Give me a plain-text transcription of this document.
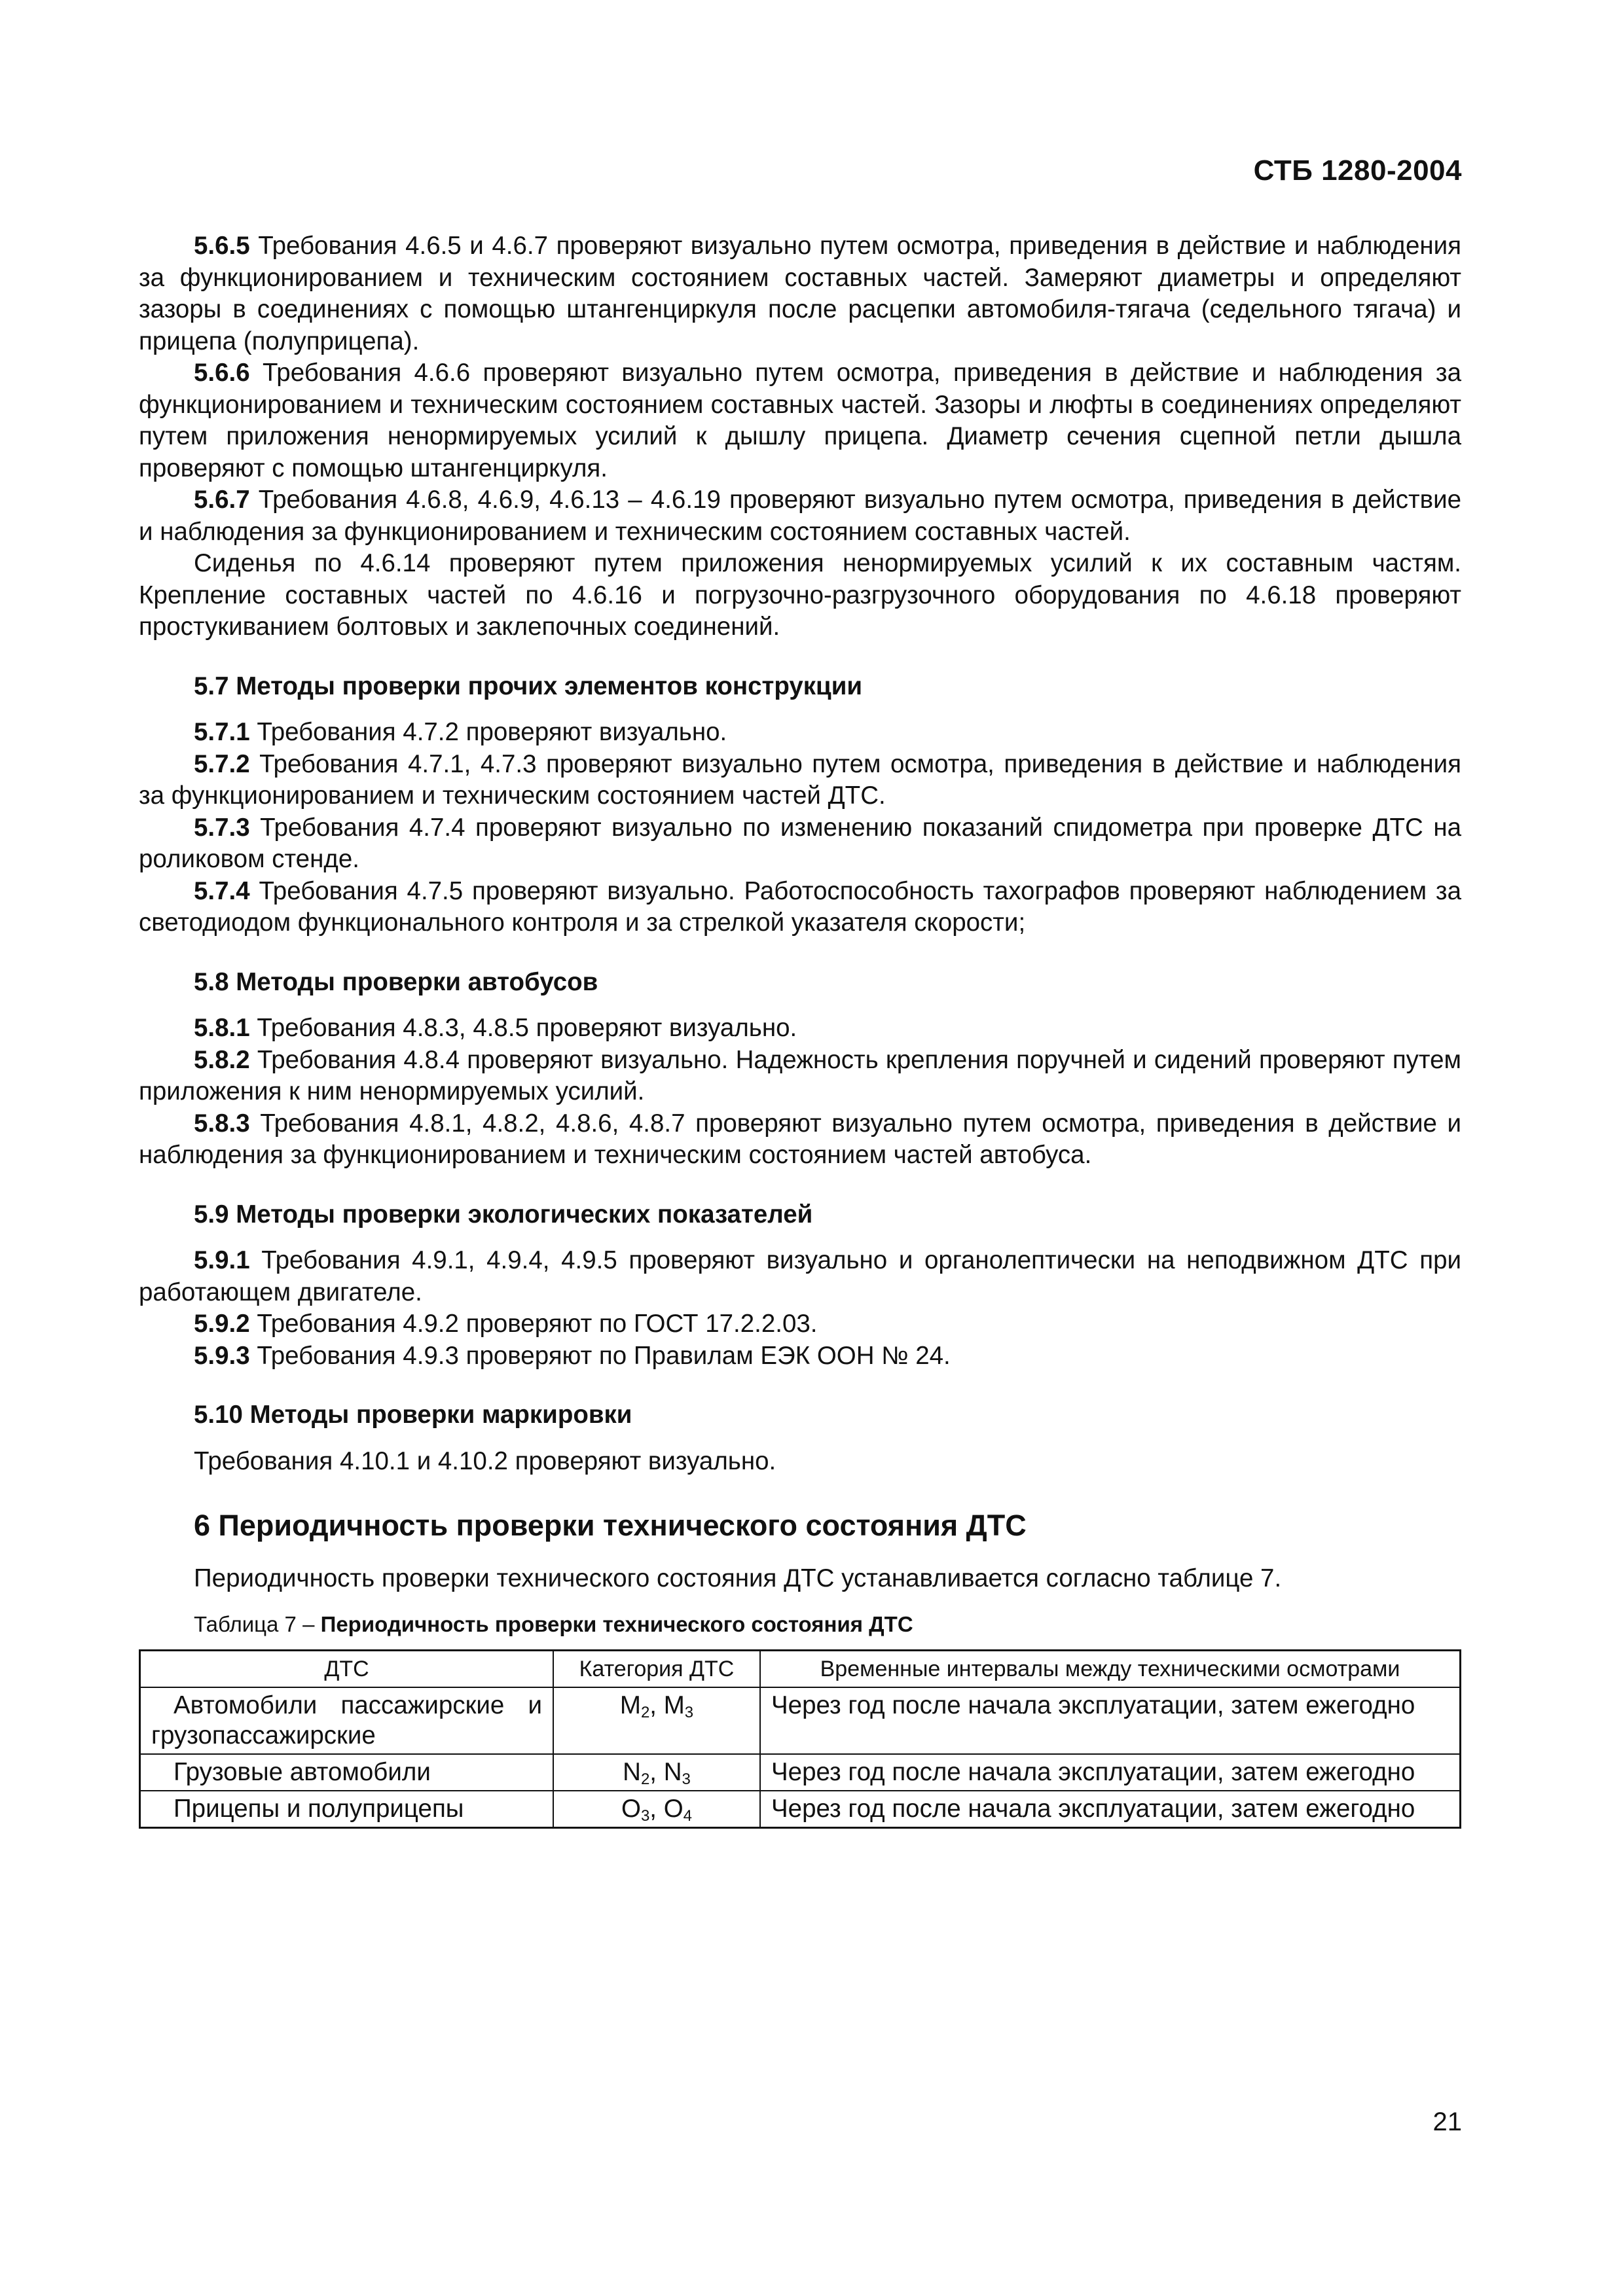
СТБ 1280-2004

5.6.5 Требования 4.6.5 и 4.6.7 проверяют визуально путем осмотра, приведения в действие и наблюдения за функционированием и техническим состоянием составных частей. Замеряют диаметры и определяют зазоры в соединениях с помощью штангенциркуля после расцепки автомобиля-тягача (седельного тягача) и прицепа (полуприцепа).

5.6.6 Требования 4.6.6 проверяют визуально путем осмотра, приведения в действие и наблюдения за функционированием и техническим состоянием составных частей. Зазоры и люфты в соединениях определяют путем приложения ненормируемых усилий к дышлу прицепа. Диаметр сечения сцепной петли дышла проверяют с помощью штангенциркуля.

5.6.7 Требования 4.6.8, 4.6.9, 4.6.13 – 4.6.19 проверяют визуально путем осмотра, приведения в действие и наблюдения за функционированием и техническим состоянием составных частей.

Сиденья по 4.6.14 проверяют путем приложения ненормируемых усилий к их составным частям. Крепление составных частей по 4.6.16 и погрузочно-разгрузочного оборудования по 4.6.18 проверяют простукиванием болтовых и заклепочных соединений.

5.7 Методы проверки прочих элементов конструкции

5.7.1 Требования 4.7.2 проверяют визуально.

5.7.2 Требования 4.7.1, 4.7.3 проверяют визуально путем осмотра, приведения в действие и наблюдения за функционированием и техническим состоянием частей ДТС.

5.7.3 Требования 4.7.4 проверяют визуально по изменению показаний спидометра при проверке ДТС на роликовом стенде.

5.7.4 Требования 4.7.5 проверяют визуально. Работоспособность тахографов проверяют наблюдением за светодиодом функционального контроля и за стрелкой указателя скорости;

5.8 Методы проверки автобусов

5.8.1 Требования 4.8.3, 4.8.5 проверяют визуально.

5.8.2 Требования 4.8.4 проверяют визуально. Надежность крепления поручней и сидений проверяют путем приложения к ним ненормируемых усилий.

5.8.3 Требования 4.8.1, 4.8.2, 4.8.6, 4.8.7 проверяют визуально путем осмотра, приведения в действие и наблюдения за функционированием и техническим состоянием частей автобуса.

5.9 Методы проверки экологических показателей

5.9.1 Требования 4.9.1, 4.9.4, 4.9.5 проверяют визуально и органолептически на неподвижном ДТС при работающем двигателе.

5.9.2 Требования 4.9.2 проверяют по ГОСТ 17.2.2.03.

5.9.3 Требования 4.9.3 проверяют по Правилам ЕЭК ООН № 24.

5.10 Методы проверки маркировки

Требования 4.10.1 и 4.10.2 проверяют визуально.

6 Периодичность проверки технического состояния ДТС

Периодичность проверки технического состояния ДТС устанавливается согласно таблице 7.

Таблица 7 – Периодичность проверки технического состояния ДТС
ДТС	Категория ДТС	Временные интервалы между техническими осмотрами
Автомобили пассажирские и грузопассажирские	$M_2$, $M_3$	Через год после начала эксплуатации, затем ежегодно
Грузовые автомобили	$N_2$, $N_3$	Через год после начала эксплуатации, затем ежегодно
Прицепы и полуприцепы	$O_3$, $O_4$	Через год после начала эксплуатации, затем ежегодно
21
